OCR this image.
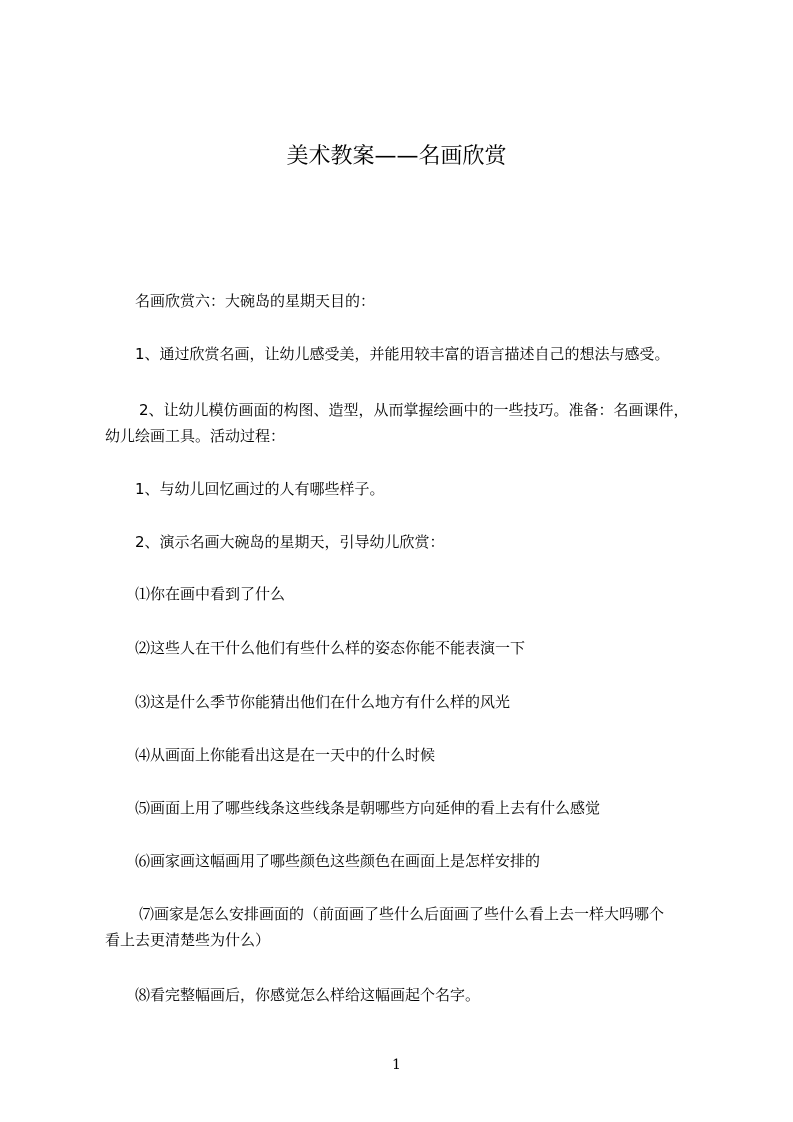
美术教案——名画欣赏
名画欣赏六：大碗岛的星期天目的：
1、通过欣赏名画，让幼儿感受美，并能用较丰富的语言描述自己的想法与感受。
2、让幼儿模仿画面的构图、造型，从而掌握绘画中的一些技巧。准备：名画课件，
幼儿绘画工具。活动过程：
1、与幼儿回忆画过的人有哪些样子。
2、演示名画大碗岛的星期天，引导幼儿欣赏：
⑴你在画中看到了什么
⑵这些人在干什么他们有些什么样的姿态你能不能表演一下
⑶这是什么季节你能猜出他们在什么地方有什么样的风光
⑷从画面上你能看出这是在一天中的什么时候
⑸画面上用了哪些线条这些线条是朝哪些方向延伸的看上去有什么感觉
⑹画家画这幅画用了哪些颜色这些颜色在画面上是怎样安排的
⑺画家是怎么安排画面的（前面画了些什么后面画了些什么看上去一样大吗哪个
看上去更清楚些为什么）
⑻看完整幅画后，你感觉怎么样给这幅画起个名字。
1
